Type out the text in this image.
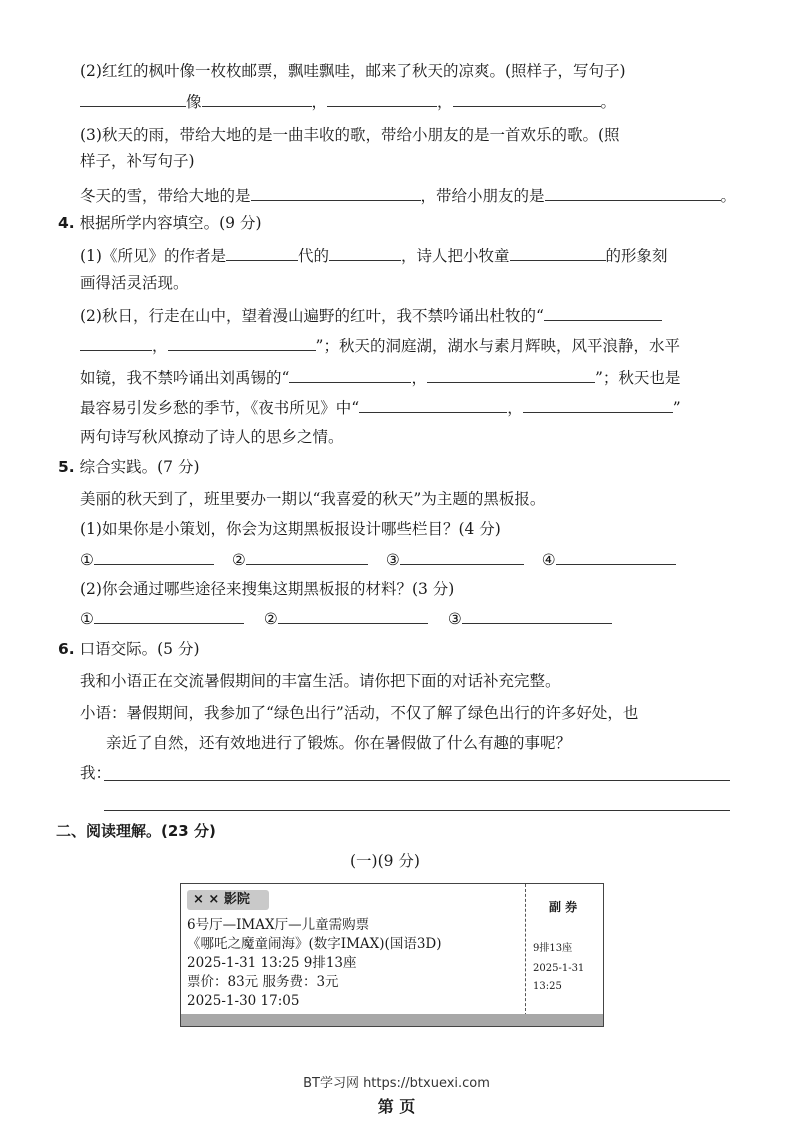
(2)红红的枫叶像一枚枚邮票，飘哇飘哇，邮来了秋天的凉爽。(照样子，写句子)
像	，	，	。
(3)秋天的雨，带给大地的是一曲丰收的歌，带给小朋友的是一首欢乐的歌。(照
样子，补写句子)
冬天的雪，带给大地的是	，带给小朋友的是	。
4. 根据所学内容填空。(9 分)
(1)《所见》的作者是	代的	，诗人把小牧童	的形象刻
画得活灵活现。
(2)秋日，行走在山中，望着漫山遍野的红叶，我不禁吟诵出杜牧的“
，	”；秋天的洞庭湖，湖水与素月辉映，风平浪静，水平
如镜，我不禁吟诵出刘禹锡的“	，	”；秋天也是
最容易引发乡愁的季节，《夜书所见》中“	，	”
两句诗写秋风撩动了诗人的思乡之情。
5. 综合实践。(7 分)
美丽的秋天到了，班里要办一期以“我喜爱的秋天”为主题的黑板报。
(1)如果你是小策划，你会为这期黑板报设计哪些栏目？(4 分)
①	②	③	④
(2)你会通过哪些途径来搜集这期黑板报的材料？(3 分)
①	②	③
6. 口语交际。(5 分)
我和小语正在交流暑假期间的丰富生活。请你把下面的对话补充完整。
小语：暑假期间，我参加了“绿色出行”活动，不仅了解了绿色出行的许多好处，也
亲近了自然，还有效地进行了锻炼。你在暑假做了什么有趣的事呢？
我：
二、阅读理解。(23 分)
(一)(9 分)
× × 影院
6号厅—IMAX厅—儿童需购票
《哪吒之魔童闹海》(数字IMAX)(国语3D)
2025-1-31 13:25 9排13座
票价：83元 服务费：3元
2025-1-30 17:05
副 券
9排13座
2025-1-31
13:25
BT学习网 https://btxuexi.com
第 页
